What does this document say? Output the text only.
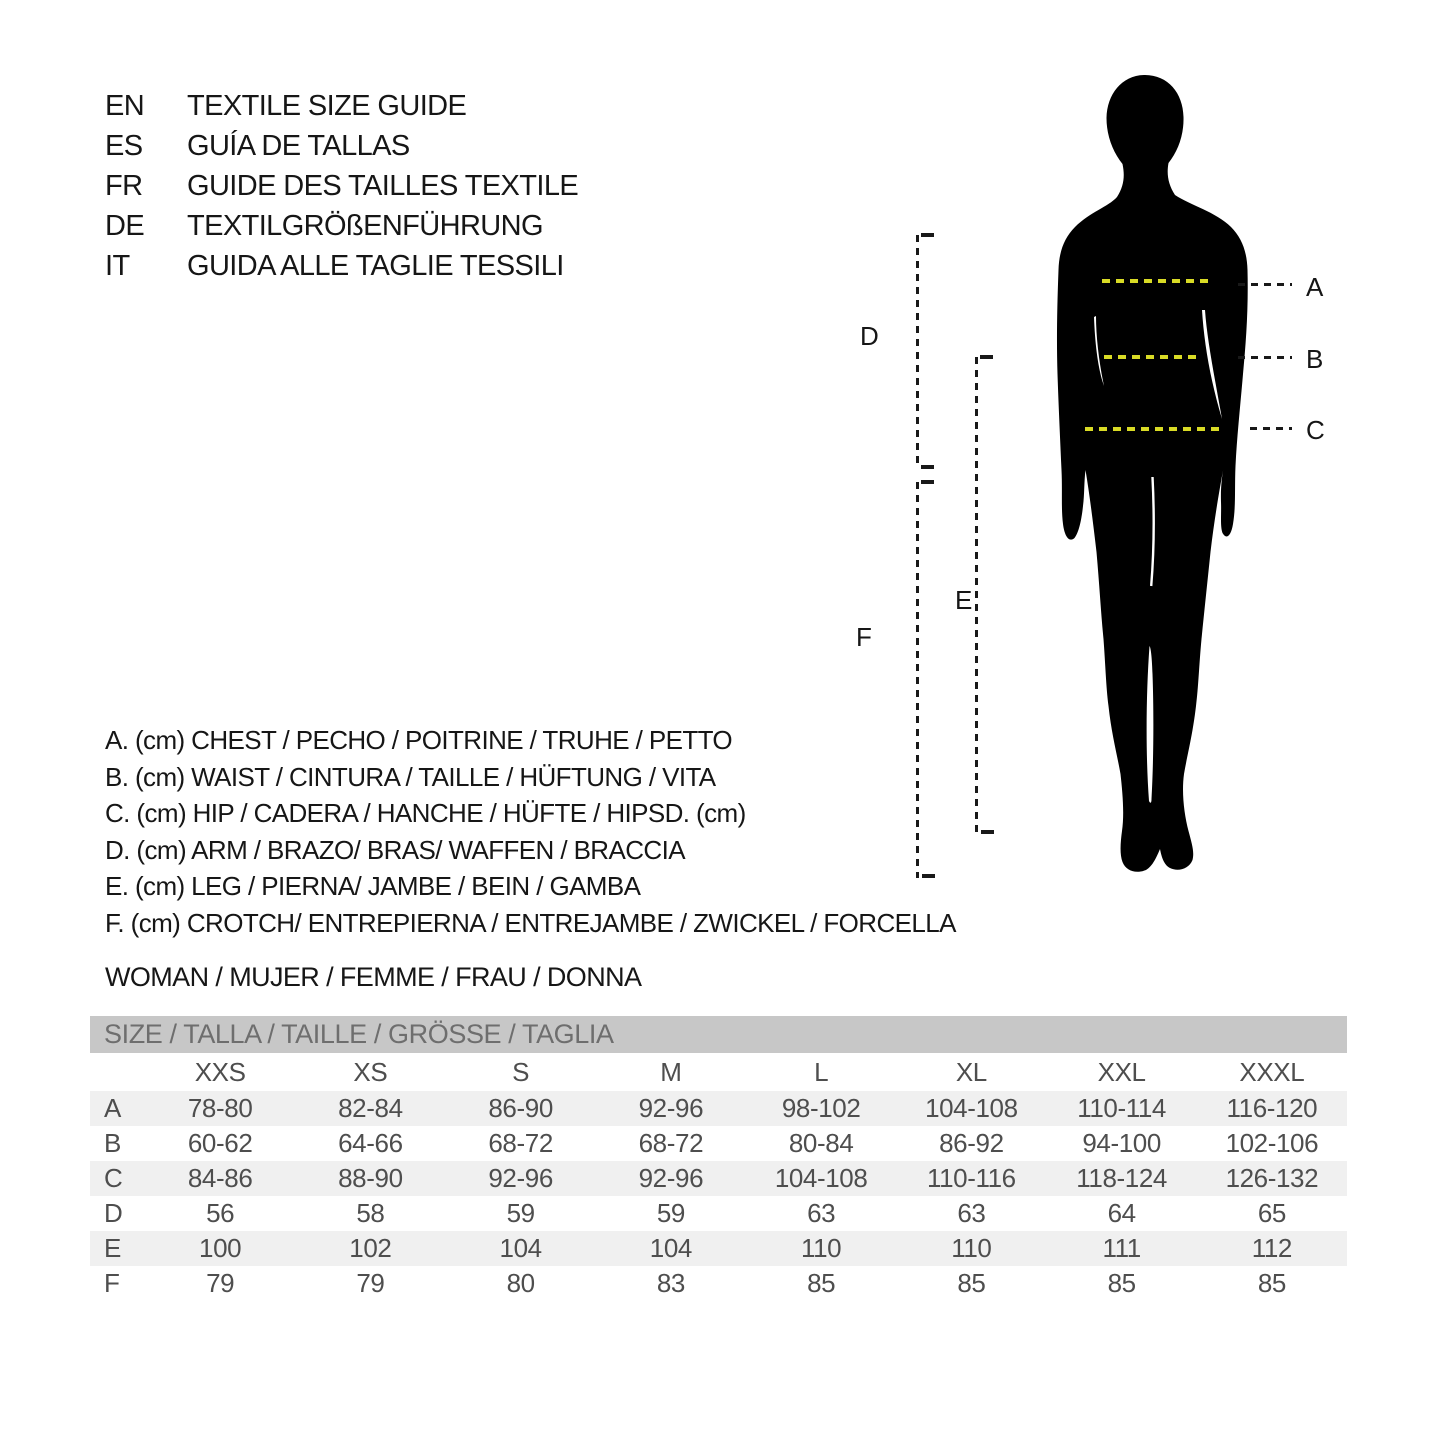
EN	TEXTILE SIZE GUIDE
ES	GUÍA DE TALLAS
FR	GUIDE DES TAILLES TEXTILE
DE	TEXTILGRÖßENFÜHRUNG
IT	GUIDA ALLE TAGLIE TESSILI
A. (cm) CHEST / PECHO / POITRINE / TRUHE / PETTO
B. (cm) WAIST / CINTURA / TAILLE / HÜFTUNG / VITA
C. (cm) HIP / CADERA / HANCHE / HÜFTE / HIPSD. (cm)
D. (cm) ARM / BRAZO/ BRAS/ WAFFEN / BRACCIA
E. (cm) LEG / PIERNA/ JAMBE / BEIN / GAMBA
F. (cm) CROTCH/ ENTREPIERNA / ENTREJAMBE / ZWICKEL / FORCELLA
WOMAN / MUJER / FEMME / FRAU / DONNA
A
B
C
D
E
F
SIZE / TALLA / TAILLE / GRÖSSE / TAGLIA
XXS	XS	S	M	L	XL	XXL	XXXL
A	78-80	82-84	86-90	92-96	98-102	104-108	110-114	116-120
B	60-62	64-66	68-72	68-72	80-84	86-92	94-100	102-106
C	84-86	88-90	92-96	92-96	104-108	110-116	118-124	126-132
D	56	58	59	59	63	63	64	65
E	100	102	104	104	110	110	111	112
F	79	79	80	83	85	85	85	85
